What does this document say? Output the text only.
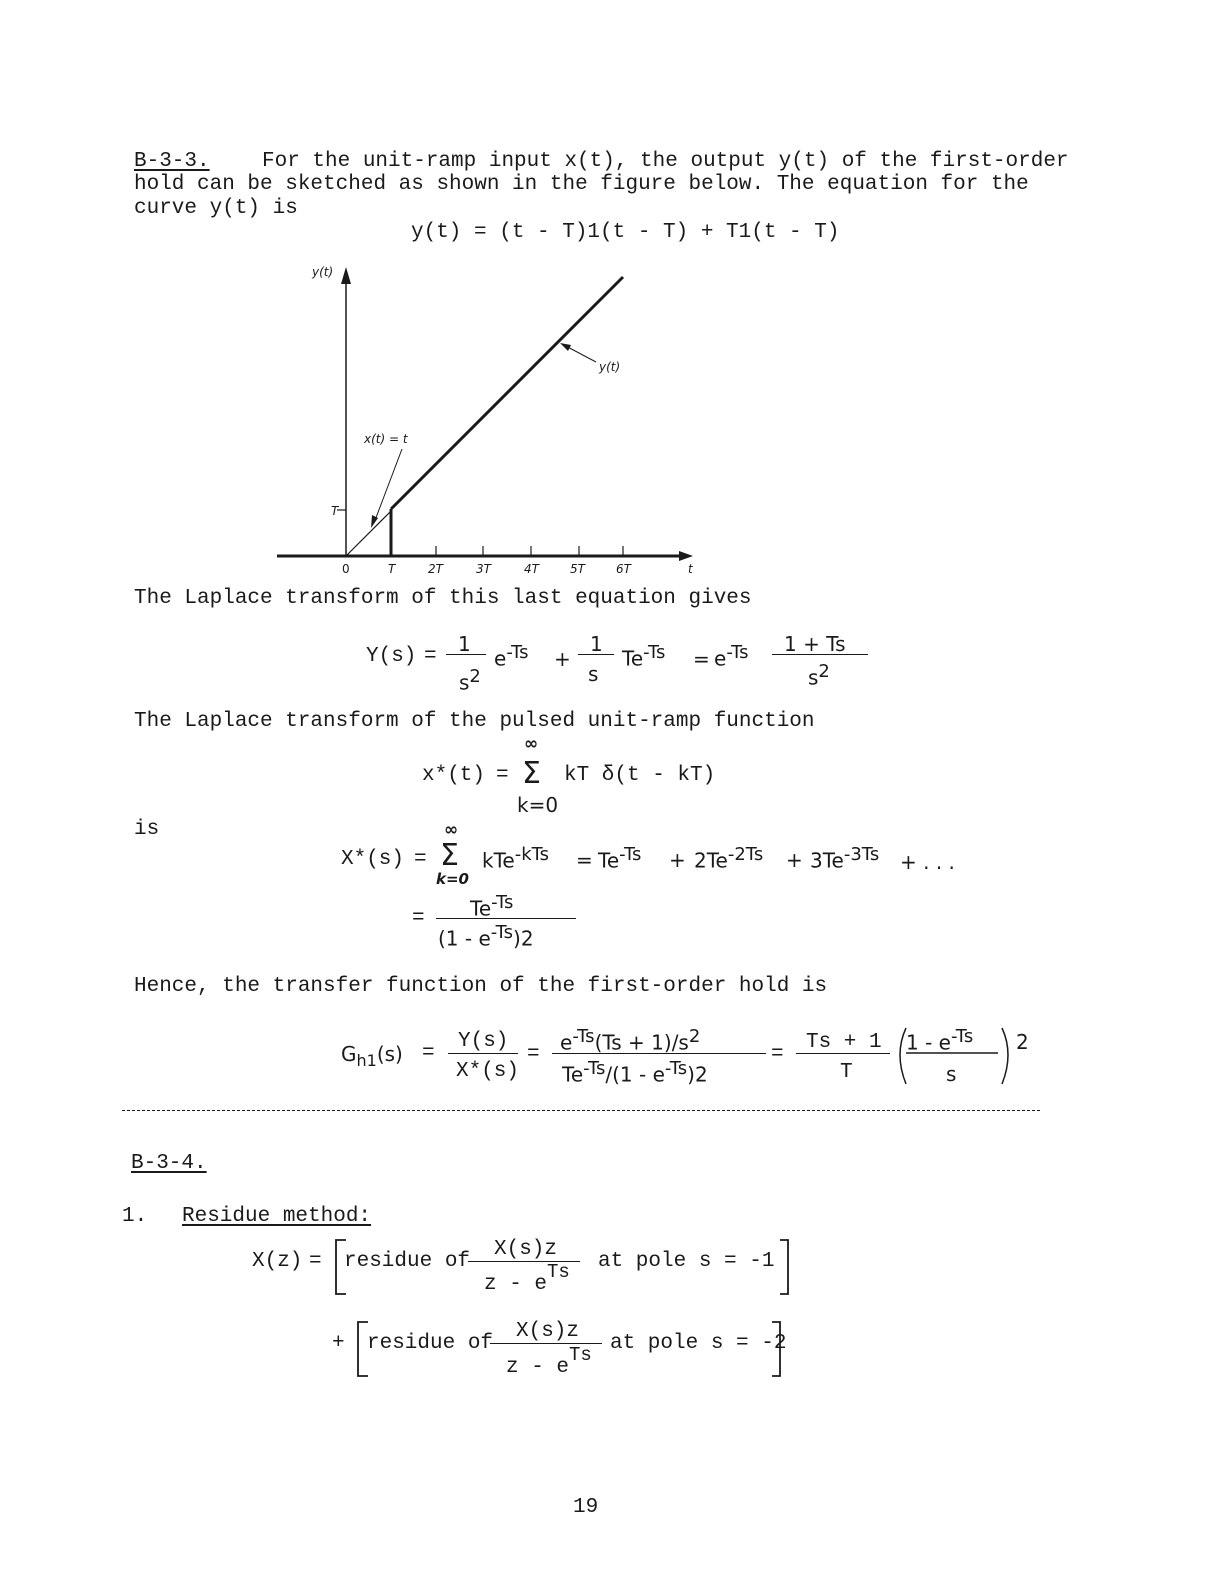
B-3-3. For the unit-ramp input x(t), the output y(t) of the first-order
hold can be sketched as shown in the figure below. The equation for the
curve y(t) is
y(t) = (t - T)1(t - T) + T1(t - T)
y(t)
T
x(t) = t
y(t)
0	T	2T	3T	4T	5T	6T	t
The Laplace transform of this last equation gives
Y(s) =
1
$s^2$
$e^{-Ts}$ +
1
s
$Te^{-Ts} = e^{-Ts}$ 1 + Ts
$s^2$
The Laplace transform of the pulsed unit-ramp function
∞
x*(t) = Σ kT δ(t - kT)
k=0
is	∞
X*(s) = Σ
k=0
$kTe^{-kTs} = Te^{-Ts} + 2Te^{-2Ts} + 3Te^{-3Ts}$ + . . .
= $Te^{-Ts}$
$(1 - e^{-Ts})2$
Hence, the transfer function of the first-order hold is
$G_{h1}(s)$ =
Y(s)
X*(s)
= $e^{-Ts}(Ts + 1)/s^2$
$Te^{-Ts}/(1 - e^{-Ts})2$
=
Ts + 1
T
$1 - e^{-Ts}$
s
2
B-3-4.
1. Residue method:
X(z) = residue of
X(s)z
z - $e^{Ts}$ at pole s = -1
+ residue of
X(s)z
z - $e^{Ts}$ at pole s = -2
19
